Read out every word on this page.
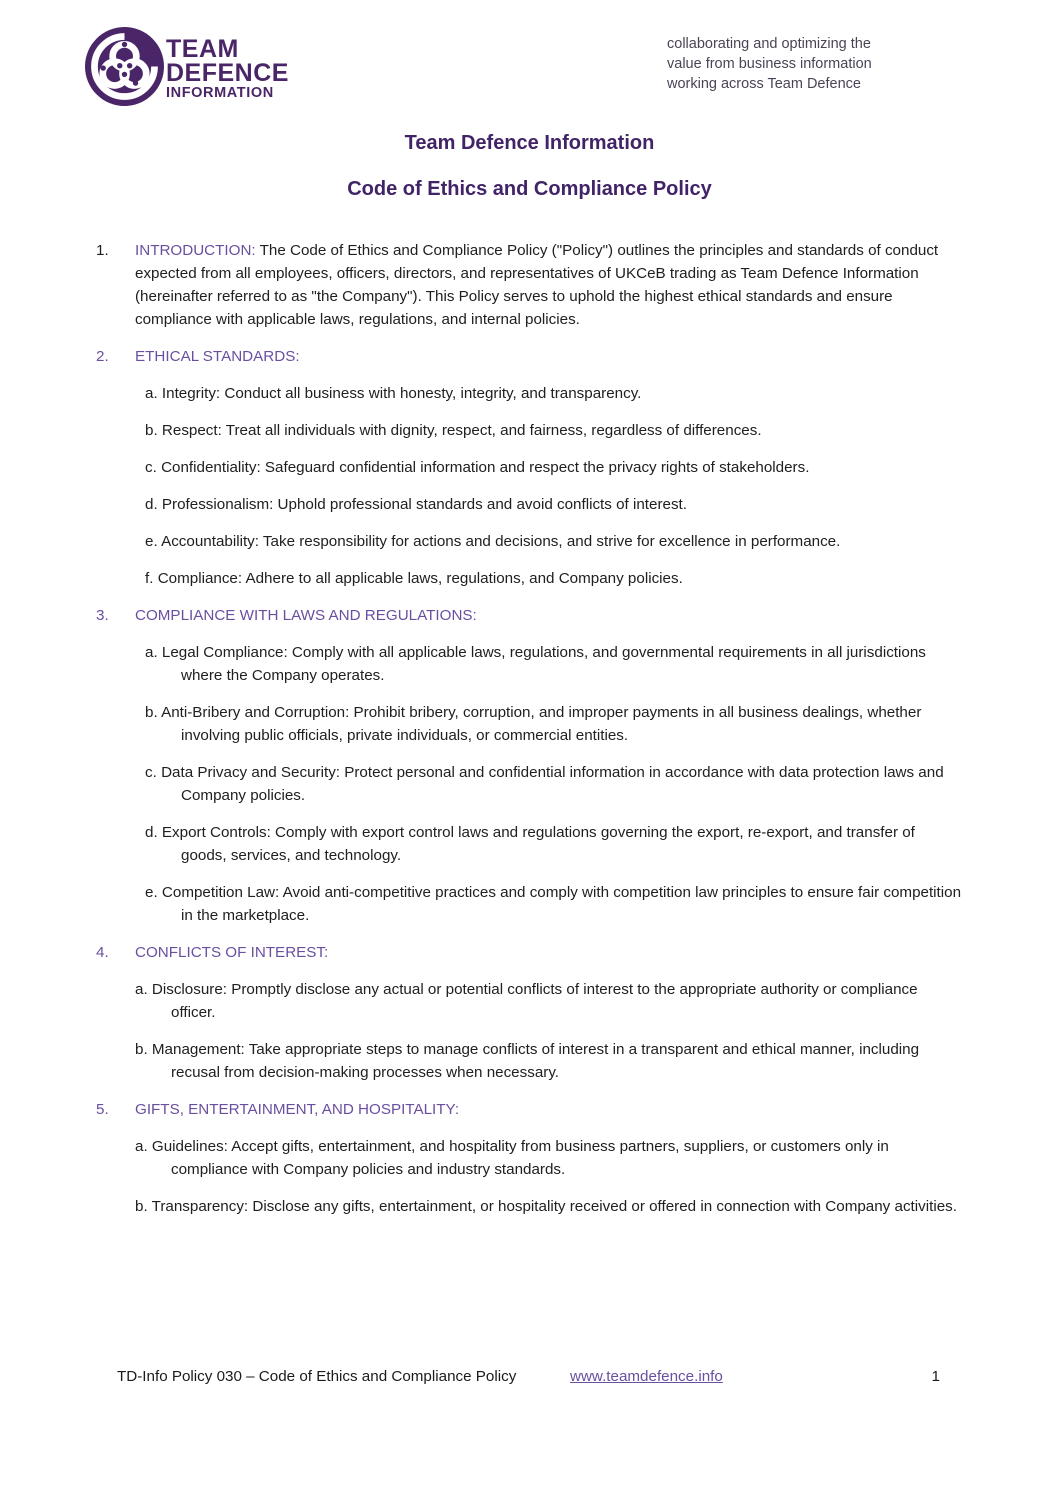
TEAM
DEFENCE
INFORMATION
collaborating and optimizing the
value from business information
working across Team Defence
Team Defence Information
Code of Ethics and Compliance Policy
1.	INTRODUCTION: The Code of Ethics and Compliance Policy ("Policy") outlines the principles and standards of conduct expected from all employees, officers, directors, and representatives of UKCeB trading as Team Defence Information (hereinafter referred to as "the Company"). This Policy serves to uphold the highest ethical standards and ensure compliance with applicable laws, regulations, and internal policies.
2.	ETHICAL STANDARDS:

a. Integrity: Conduct all business with honesty, integrity, and transparency.

b. Respect: Treat all individuals with dignity, respect, and fairness, regardless of differences.

c. Confidentiality: Safeguard confidential information and respect the privacy rights of stakeholders.

d. Professionalism: Uphold professional standards and avoid conflicts of interest.

e. Accountability: Take responsibility for actions and decisions, and strive for excellence in performance.

f. Compliance: Adhere to all applicable laws, regulations, and Company policies.

3.	COMPLIANCE WITH LAWS AND REGULATIONS:

a. Legal Compliance: Comply with all applicable laws, regulations, and governmental requirements in all jurisdictions where the Company operates.

b. Anti-Bribery and Corruption: Prohibit bribery, corruption, and improper payments in all business dealings, whether involving public officials, private individuals, or commercial entities.

c. Data Privacy and Security: Protect personal and confidential information in accordance with data protection laws and Company policies.

d. Export Controls: Comply with export control laws and regulations governing the export, re-export, and transfer of goods, services, and technology.

e. Competition Law: Avoid anti-competitive practices and comply with competition law principles to ensure fair competition in the marketplace.

4.	CONFLICTS OF INTEREST:

a. Disclosure: Promptly disclose any actual or potential conflicts of interest to the appropriate authority or compliance officer.

b. Management: Take appropriate steps to manage conflicts of interest in a transparent and ethical manner, including recusal from decision-making processes when necessary.

5.	GIFTS, ENTERTAINMENT, AND HOSPITALITY:

a. Guidelines: Accept gifts, entertainment, and hospitality from business partners, suppliers, or customers only in compliance with Company policies and industry standards.

b. Transparency: Disclose any gifts, entertainment, or hospitality received or offered in connection with Company activities.

TD-Info Policy 030 – Code of Ethics and Compliance Policy	www.teamdefence.info	1
